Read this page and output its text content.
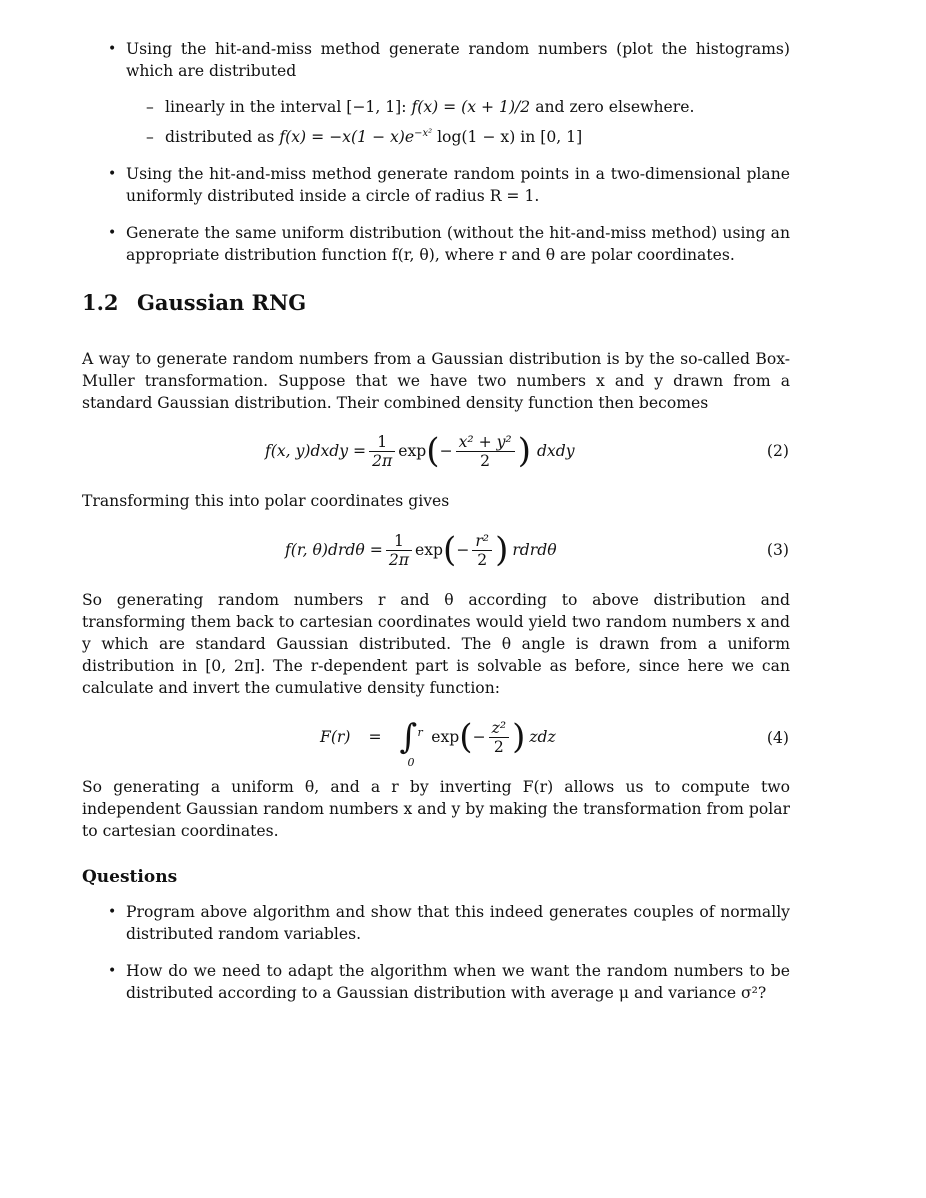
• Using the hit-and-miss method generate random numbers (plot the histograms) which are distributed
– linearly in the interval [−1, 1]: f(x) = (x + 1)/2 and zero elsewhere.
– distributed as $f(x) = -x(1 - x)e^{-x^2}$ log(1 − x) in [0, 1]
• Using the hit-and-miss method generate random points in a two-dimensional plane uniformly distributed inside a circle of radius R = 1.
• Generate the same uniform distribution (without the hit-and-miss method) using an appropriate distribution function f(r, θ), where r and θ are polar coordinates.
1.2 Gaussian RNG
A way to generate random numbers from a Gaussian distribution is by the so-called Box-Muller transformation. Suppose that we have two numbers x and y drawn from a standard Gaussian distribution. Their combined density function then becomes
f(x, y)dxdy = $\frac{1}{2\pi}$ exp ( − $\frac{\text{x² + y²}}{2}$ ) dxdy	(2)
Transforming this into polar coordinates gives
f(r, $\theta)drd\theta = \frac{1}{2\pi}$ exp ( − $\frac{\text{r²}}{2}$ ) rdrdθ	(3)
So generating random numbers r and θ according to above distribution and transforming them back to cartesian coordinates would yield two random numbers x and y which are standard Gaussian distributed. The θ angle is drawn from a uniform distribution in [0, 2π]. The r-dependent part is solvable as before, since here we can calculate and invert the cumulative density function:
F(r) = ∫ r
0
exp ( − $\frac{\text{z²}}{2}$ ) zdz	(4)
So generating a uniform θ, and a r by inverting F(r) allows us to compute two independent Gaussian random numbers x and y by making the transformation from polar to cartesian coordinates.
Questions
• Program above algorithm and show that this indeed generates couples of normally distributed random variables.
• How do we need to adapt the algorithm when we want the random numbers to be distributed according to a Gaussian distribution with average μ and variance σ²?
